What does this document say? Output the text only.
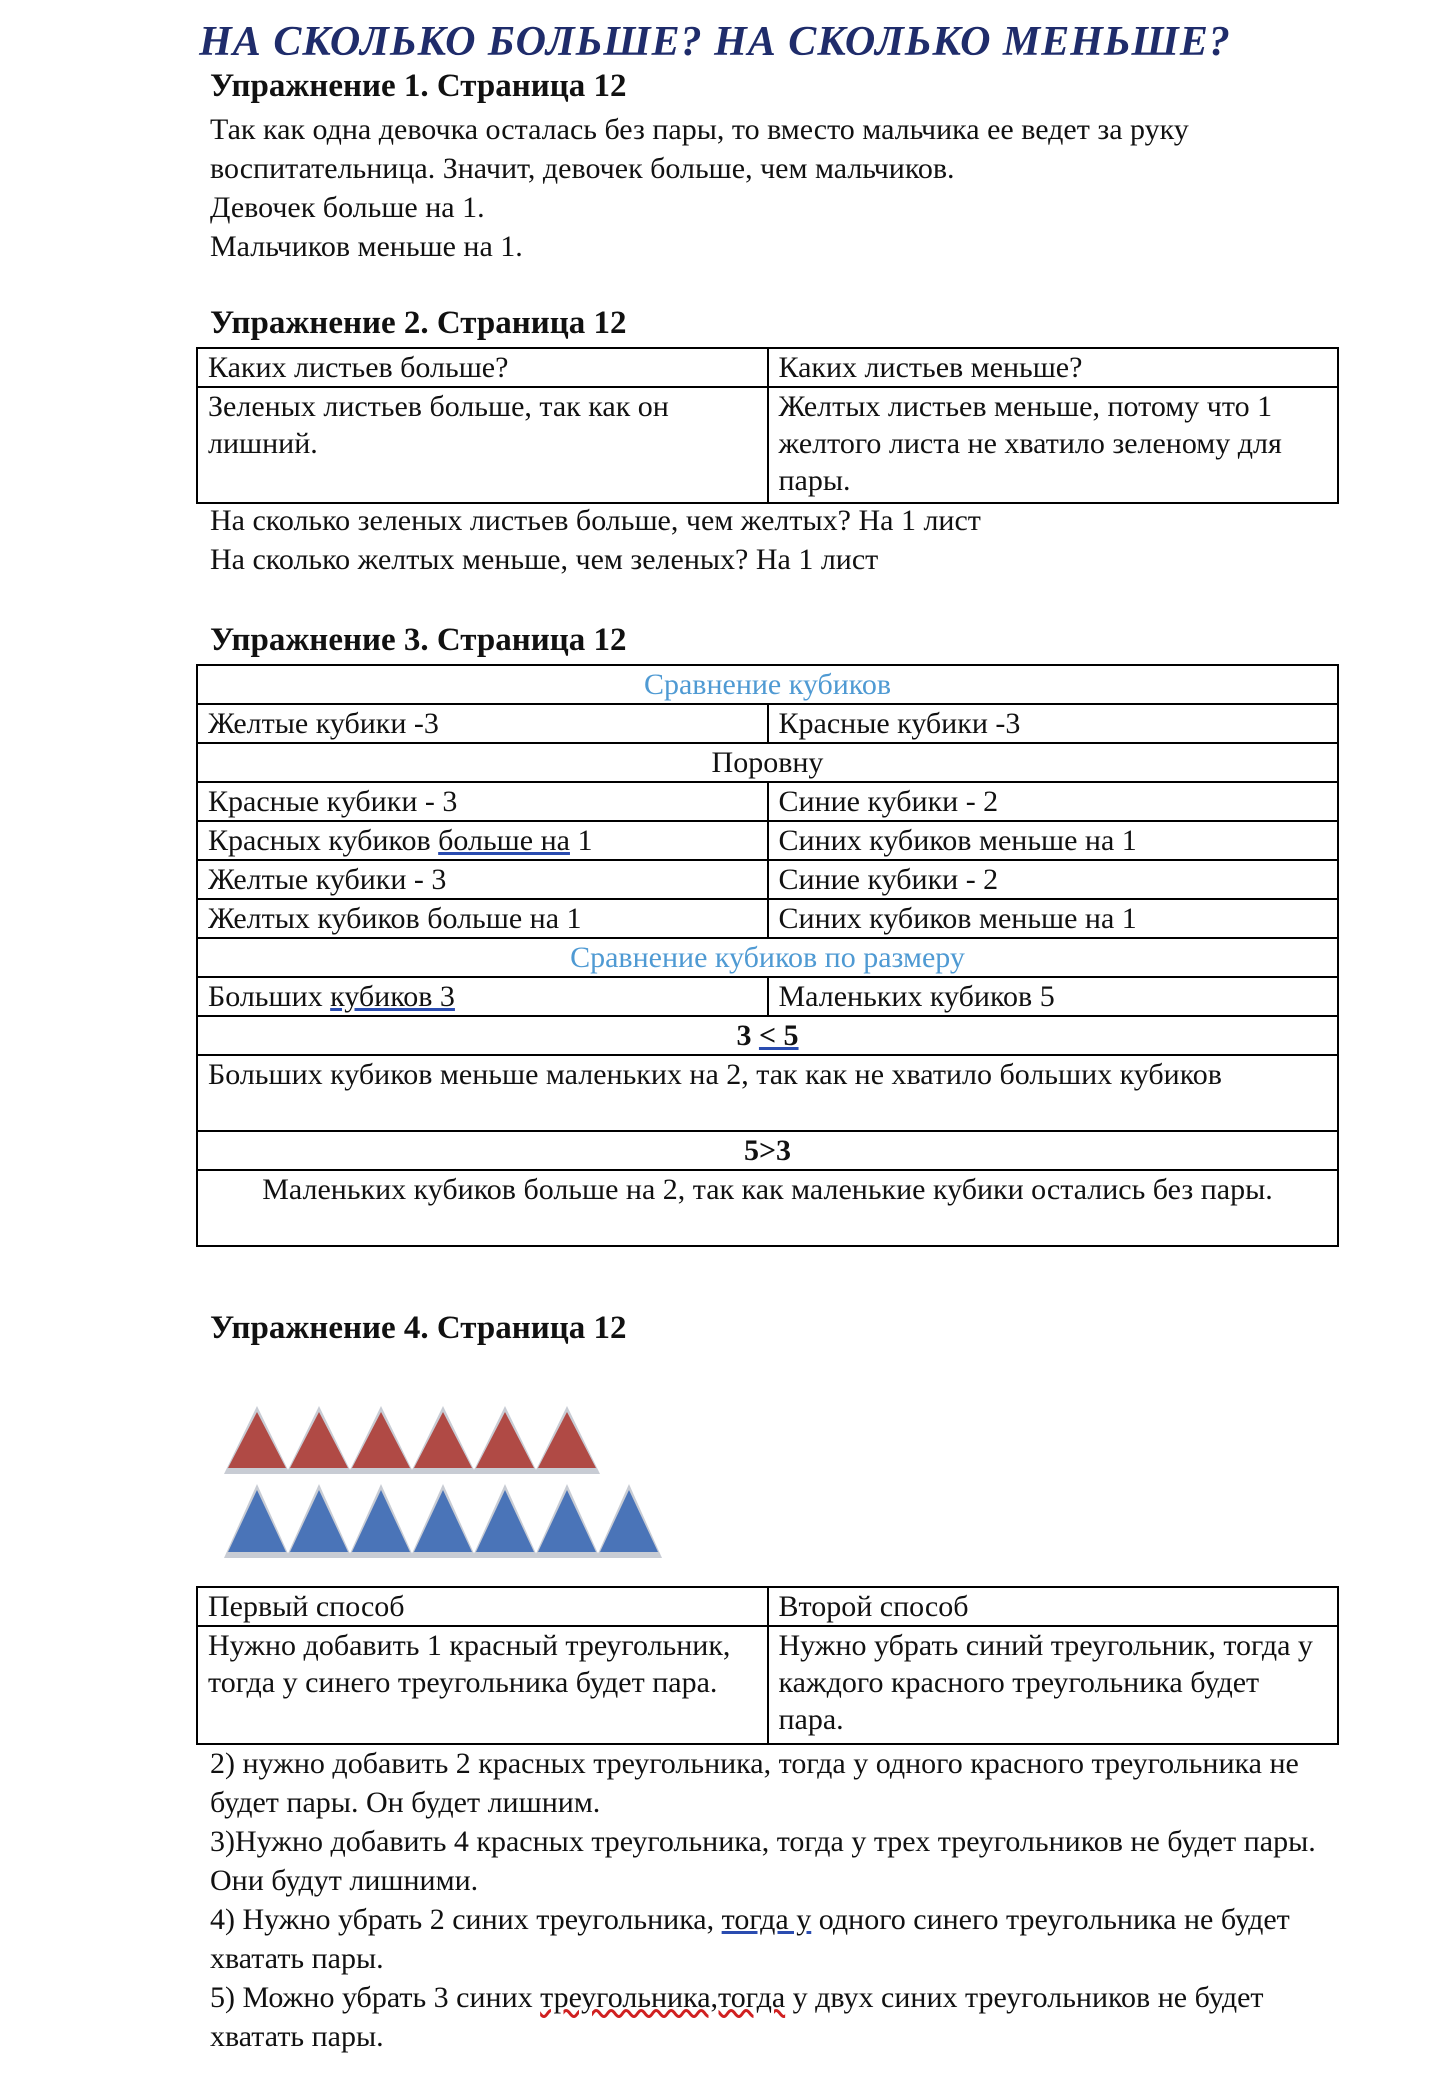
НА СКОЛЬКО БОЛЬШЕ? НА СКОЛЬКО МЕНЬШЕ?
Упражнение 1. Страница 12
Так как одна девочка осталась без пары, то вместо мальчика ее ведет за руку
воспитательница. Значит, девочек больше, чем мальчиков.
Девочек больше на 1.
Мальчиков меньше на 1.
Упражнение 2. Страница 12
Каких листьев больше?	Каких листьев меньше?
Зеленых листьев больше, так как он лишний.	Желтых листьев меньше, потому что 1 желтого листа не хватило зеленому для пары.
На сколько зеленых листьев больше, чем желтых? На 1 лист
На сколько желтых меньше, чем зеленых? На 1 лист
Упражнение 3. Страница 12
Сравнение кубиков	
Желтые кубики -3	Красные кубики -3
Поровну	
Красные кубики - 3	Синие кубики - 2
Красных кубиков больше на 1	Синих кубиков меньше на 1
Желтые кубики - 3	Синие кубики - 2
Желтых кубиков больше на 1	Синих кубиков меньше на 1
Сравнение кубиков по размеру	
Больших кубиков 3	Маленьких кубиков 5
3 < 5	
Больших кубиков меньше маленьких на 2, так как не хватило больших кубиков	
5>3	
Маленьких кубиков больше на 2, так как маленькие кубики остались без пары.	
Упражнение 4. Страница 12
Первый способ	Второй способ
Нужно добавить 1 красный треугольник, тогда у синего треугольника будет пара.	Нужно убрать синий треугольник, тогда у каждого красного треугольника будет пара.
2) нужно добавить 2 красных треугольника, тогда у одного красного треугольника не будет пары. Он будет лишним.
3)Нужно добавить 4 красных треугольника, тогда у трех треугольников не будет пары. Они будут лишними.
4) Нужно убрать 2 синих треугольника, тогда у одного синего треугольника не будет хватать пары.
5) Можно убрать 3 синих треугольника,тогда у двух синих треугольников не будет хватать пары.
